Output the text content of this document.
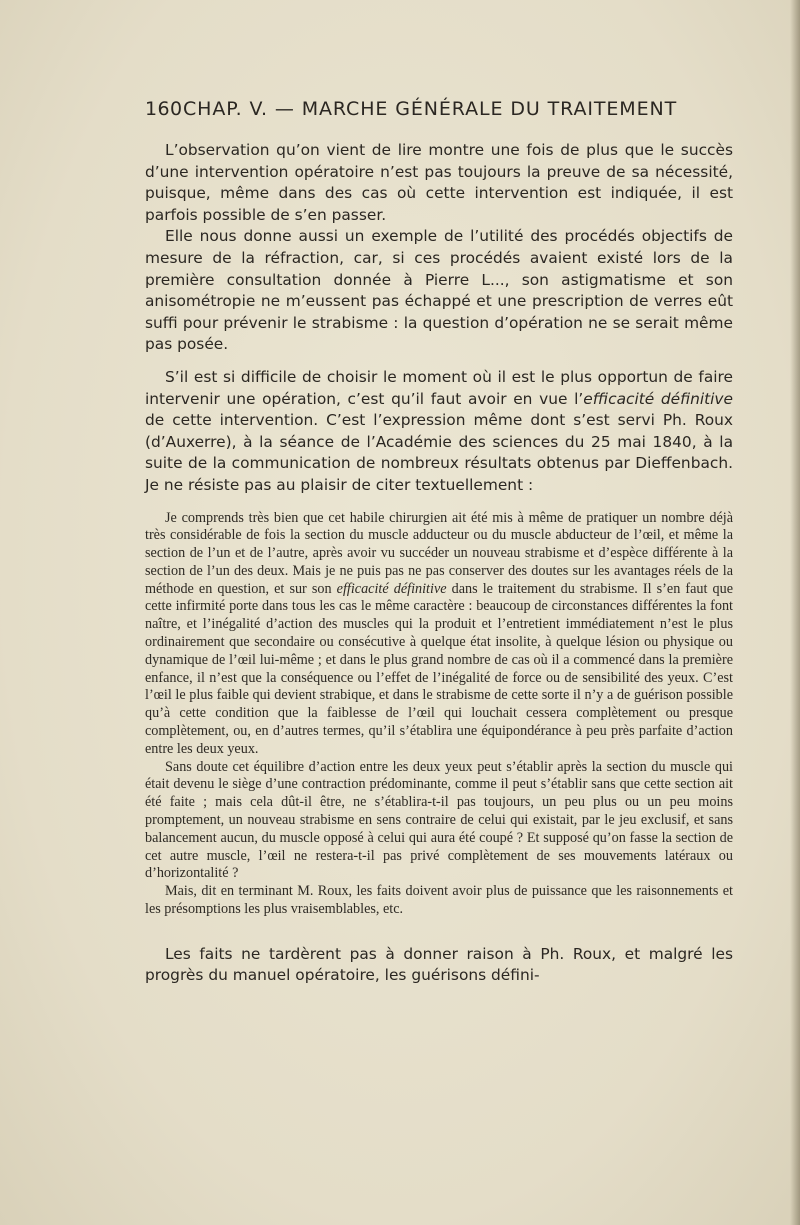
160 CHAP. V. — MARCHE GÉNÉRALE DU TRAITEMENT

L’observation qu’on vient de lire montre une fois de plus que le succès d’une intervention opératoire n’est pas toujours la preuve de sa nécessité, puisque, même dans des cas où cette intervention est indiquée, il est parfois possible de s’en passer.

Elle nous donne aussi un exemple de l’utilité des procédés objectifs de mesure de la réfraction, car, si ces procédés avaient existé lors de la première consultation donnée à Pierre L..., son astigmatisme et son anisométropie ne m’eussent pas échappé et une prescription de verres eût suffi pour prévenir le strabisme : la question d’opération ne se serait même pas posée.

S’il est si difficile de choisir le moment où il est le plus opportun de faire intervenir une opération, c’est qu’il faut avoir en vue l’efficacité définitive de cette intervention. C’est l’expression même dont s’est servi Ph. Roux (d’Auxerre), à la séance de l’Académie des sciences du 25 mai 1840, à la suite de la communication de nombreux résultats obtenus par Dieffenbach. Je ne résiste pas au plaisir de citer textuellement :

Je comprends très bien que cet habile chirurgien ait été mis à même de pratiquer un nombre déjà très considérable de fois la section du muscle adducteur ou du muscle abducteur de l’œil, et même la section de l’un et de l’autre, après avoir vu succéder un nouveau strabisme et d’espèce différente à la section de l’un des deux. Mais je ne puis pas ne pas conserver des doutes sur les avantages réels de la méthode en question, et sur son efficacité définitive dans le traitement du strabisme. Il s’en faut que cette infirmité porte dans tous les cas le même caractère : beaucoup de circonstances différentes la font naître, et l’inégalité d’action des muscles qui la produit et l’entretient immédiatement n’est le plus ordinairement que secondaire ou consécutive à quelque état insolite, à quelque lésion ou physique ou dynamique de l’œil lui-même ; et dans le plus grand nombre de cas où il a commencé dans la première enfance, il n’est que la conséquence ou l’effet de l’inégalité de force ou de sensibilité des yeux. C’est l’œil le plus faible qui devient strabique, et dans le strabisme de cette sorte il n’y a de guérison possible qu’à cette condition que la faiblesse de l’œil qui louchait cessera complètement ou presque complètement, ou, en d’autres termes, qu’il s’établira une équipondérance à peu près parfaite d’action entre les deux yeux.

Sans doute cet équilibre d’action entre les deux yeux peut s’établir après la section du muscle qui était devenu le siège d’une contraction prédominante, comme il peut s’établir sans que cette section ait été faite ; mais cela dût-il être, ne s’établira-t-il pas toujours, un peu plus ou un peu moins promptement, un nouveau strabisme en sens contraire de celui qui existait, par le jeu exclusif, et sans balancement aucun, du muscle opposé à celui qui aura été coupé ? Et supposé qu’on fasse la section de cet autre muscle, l’œil ne restera-t-il pas privé complètement de ses mouvements latéraux ou d’horizontalité ?

Mais, dit en terminant M. Roux, les faits doivent avoir plus de puissance que les raisonnements et les présomptions les plus vraisemblables, etc.

Les faits ne tardèrent pas à donner raison à Ph. Roux, et malgré les progrès du manuel opératoire, les guérisons défini-
